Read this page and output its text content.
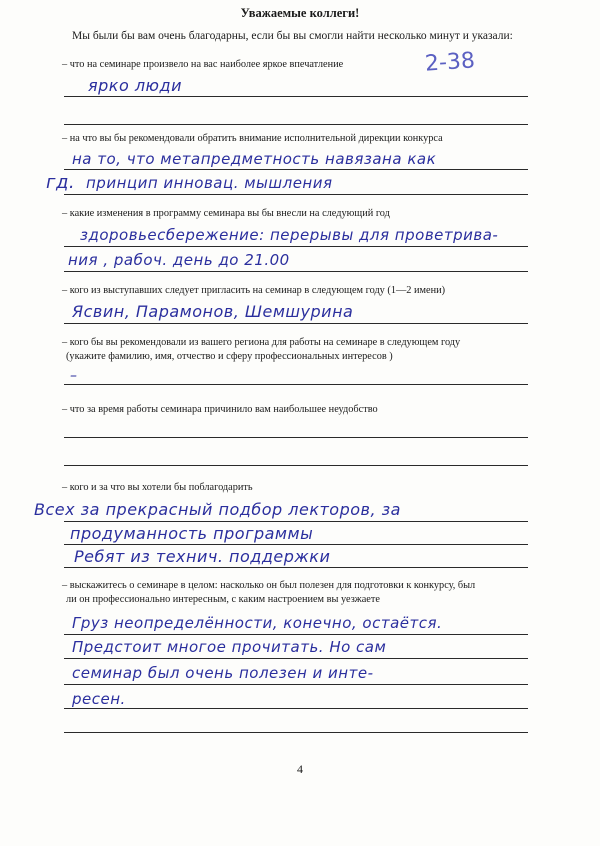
Уважаемые коллеги!
Мы были бы вам очень благодарны, если бы вы смогли найти несколько минут и указали:
2-38
– что на семинаре произвело на вас наиболее яркое впечатление
ярко люди
– на что вы бы рекомендовали обратить внимание исполнительной дирекции конкурса
на то, что метапредметность навязана как
гд. принцип инновац. мышления
– какие изменения в программу семинара вы бы внесли на следующий год
здоровьесбережение: перерывы для проветрива-
ния , рабоч. день до 21.00
– кого из выступавших следует пригласить на семинар в следующем году (1—2 имени)
Ясвин, Парамонов, Шемшурина
– кого бы вы рекомендовали из вашего региона для работы на семинаре в следующем году
(укажите фамилию, имя, отчество и сферу профессиональных интересов )
–
– что за время работы семинара причинило вам наибольшее неудобство
– кого и за что вы хотели бы поблагодарить
Всех за прекрасный подбор лекторов, за
продуманность программы
Ребят из технич. поддержки
– выскажитесь о семинаре в целом: насколько он был полезен для подготовки к конкурсу, был
ли он профессионально интересным, с каким настроением вы уезжаете
Груз неопределённости, конечно, остаётся.
Предстоит многое прочитать. Но сам
семинар был очень полезен и инте-
ресен.
4
